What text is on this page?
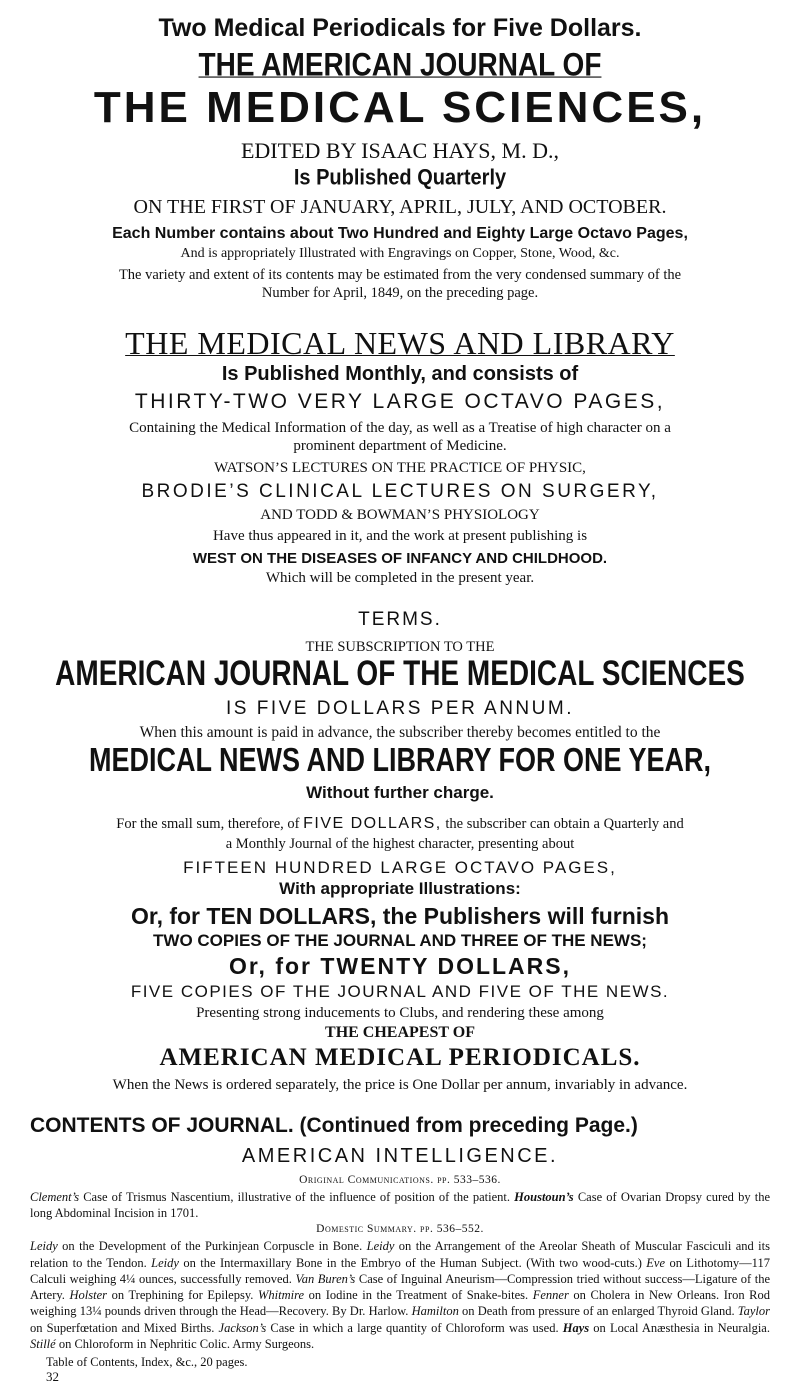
Two Medical Periodicals for Five Dollars.
THE AMERICAN JOURNAL OF
THE MEDICAL SCIENCES,
EDITED BY ISAAC HAYS, M. D.,
Is Published Quarterly
ON THE FIRST OF JANUARY, APRIL, JULY, AND OCTOBER.
Each Number contains about Two Hundred and Eighty Large Octavo Pages,
And is appropriately Illustrated with Engravings on Copper, Stone, Wood, &c.
The variety and extent of its contents may be estimated from the very condensed summary of the
Number for April, 1849, on the preceding page.
THE MEDICAL NEWS AND LIBRARY
Is Published Monthly, and consists of
THIRTY-TWO VERY LARGE OCTAVO PAGES,
Containing the Medical Information of the day, as well as a Treatise of high character on a
prominent department of Medicine.
WATSON’S LECTURES ON THE PRACTICE OF PHYSIC,
BRODIE’S CLINICAL LECTURES ON SURGERY,
AND TODD & BOWMAN’S PHYSIOLOGY
Have thus appeared in it, and the work at present publishing is
WEST ON THE DISEASES OF INFANCY AND CHILDHOOD.
Which will be completed in the present year.
TERMS.
THE SUBSCRIPTION TO THE
AMERICAN JOURNAL OF THE MEDICAL SCIENCES
IS FIVE DOLLARS PER ANNUM.
When this amount is paid in advance, the subscriber thereby becomes entitled to the
MEDICAL NEWS AND LIBRARY FOR ONE YEAR,
Without further charge.
For the small sum, therefore, of FIVE DOLLARS, the subscriber can obtain a Quarterly and
a Monthly Journal of the highest character, presenting about
FIFTEEN HUNDRED LARGE OCTAVO PAGES,
With appropriate Illustrations:
Or, for TEN DOLLARS, the Publishers will furnish
TWO COPIES OF THE JOURNAL AND THREE OF THE NEWS;
Or, for TWENTY DOLLARS,
FIVE COPIES OF THE JOURNAL AND FIVE OF THE NEWS.
Presenting strong inducements to Clubs, and rendering these among
THE CHEAPEST OF
AMERICAN MEDICAL PERIODICALS.
When the News is ordered separately, the price is One Dollar per annum, invariably in advance.
CONTENTS OF JOURNAL. (Continued from preceding Page.)
AMERICAN INTELLIGENCE.
Original Communications. pp. 533–536.
Clement’s Case of Trismus Nascentium, illustrative of the influence of position of the patient. Houstoun’s Case of Ovarian Dropsy cured by the long Abdominal Incision in 1701.
Domestic Summary. pp. 536–552.
Leidy on the Development of the Purkinjean Corpuscle in Bone. Leidy on the Arrangement of the Areolar Sheath of Muscular Fasciculi and its relation to the Tendon. Leidy on the Intermaxillary Bone in the Embryo of the Human Subject. (With two wood-cuts.) Eve on Lithotomy—117 Calculi weighing 4¼ ounces, successfully removed. Van Buren’s Case of Inguinal Aneurism—Compression tried without success—Ligature of the Artery. Holster on Trephining for Epilepsy. Whitmire on Iodine in the Treatment of Snake-bites. Fenner on Cholera in New Orleans. Iron Rod weighing 13¼ pounds driven through the Head—Recovery. By Dr. Harlow. Hamilton on Death from pressure of an enlarged Thyroid Gland. Taylor on Superfœtation and Mixed Births. Jackson’s Case in which a large quantity of Chloroform was used. Hays on Local Anæsthesia in Neuralgia. Stillé on Chloroform in Nephritic Colic. Army Surgeons.
Table of Contents, Index, &c., 20 pages.
32
